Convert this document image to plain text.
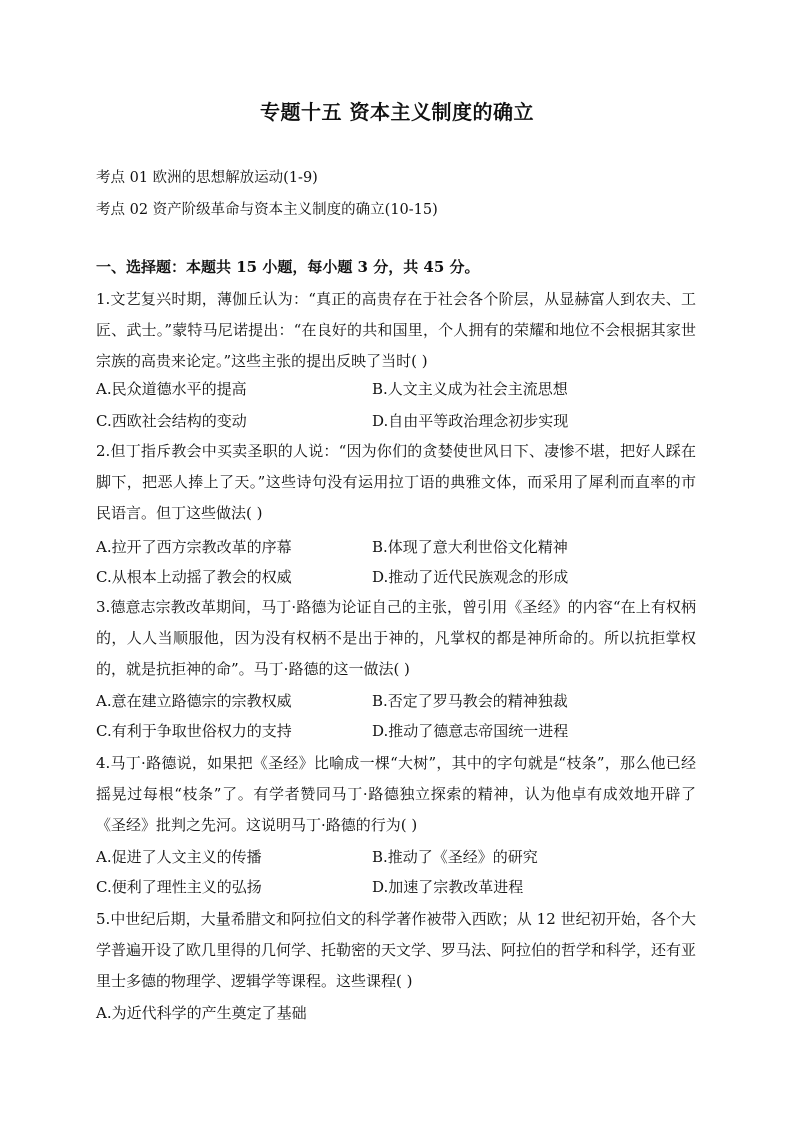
专题十五 资本主义制度的确立
考点 01 欧洲的思想解放运动(1-9)
考点 02 资产阶级革命与资本主义制度的确立(10-15)
一、选择题：本题共 15 小题，每小题 3 分，共 45 分。
1.文艺复兴时期，薄伽丘认为：“真正的高贵存在于社会各个阶层，从显赫富人到农夫、工匠、武士。”蒙特马尼诺提出：“在良好的共和国里，个人拥有的荣耀和地位不会根据其家世宗族的高贵来论定。”这些主张的提出反映了当时( )
A.民众道德水平的提高	B.人文主义成为社会主流思想
C.西欧社会结构的变动	D.自由平等政治理念初步实现
2.但丁指斥教会中买卖圣职的人说：“因为你们的贪婪使世风日下、凄惨不堪，把好人踩在脚下，把恶人捧上了天。”这些诗句没有运用拉丁语的典雅文体，而采用了犀利而直率的市民语言。但丁这些做法( )
A.拉开了西方宗教改革的序幕	B.体现了意大利世俗文化精神
C.从根本上动摇了教会的权威	D.推动了近代民族观念的形成
3.德意志宗教改革期间，马丁·路德为论证自己的主张，曾引用《圣经》的内容“在上有权柄的，人人当顺服他，因为没有权柄不是出于神的，凡掌权的都是神所命的。所以抗拒掌权的，就是抗拒神的命”。马丁·路德的这一做法( )
A.意在建立路德宗的宗教权威	B.否定了罗马教会的精神独裁
C.有利于争取世俗权力的支持	D.推动了德意志帝国统一进程
4.马丁·路德说，如果把《圣经》比喻成一棵“大树”，其中的字句就是“枝条”，那么他已经摇晃过每根“枝条”了。有学者赞同马丁·路德独立探索的精神，认为他卓有成效地开辟了《圣经》批判之先河。这说明马丁·路德的行为( )
A.促进了人文主义的传播	B.推动了《圣经》的研究
C.便利了理性主义的弘扬	D.加速了宗教改革进程
5.中世纪后期，大量希腊文和阿拉伯文的科学著作被带入西欧；从 12 世纪初开始，各个大学普遍开设了欧几里得的几何学、托勒密的天文学、罗马法、阿拉伯的哲学和科学，还有亚里士多德的物理学、逻辑学等课程。这些课程( )
A.为近代科学的产生奠定了基础
